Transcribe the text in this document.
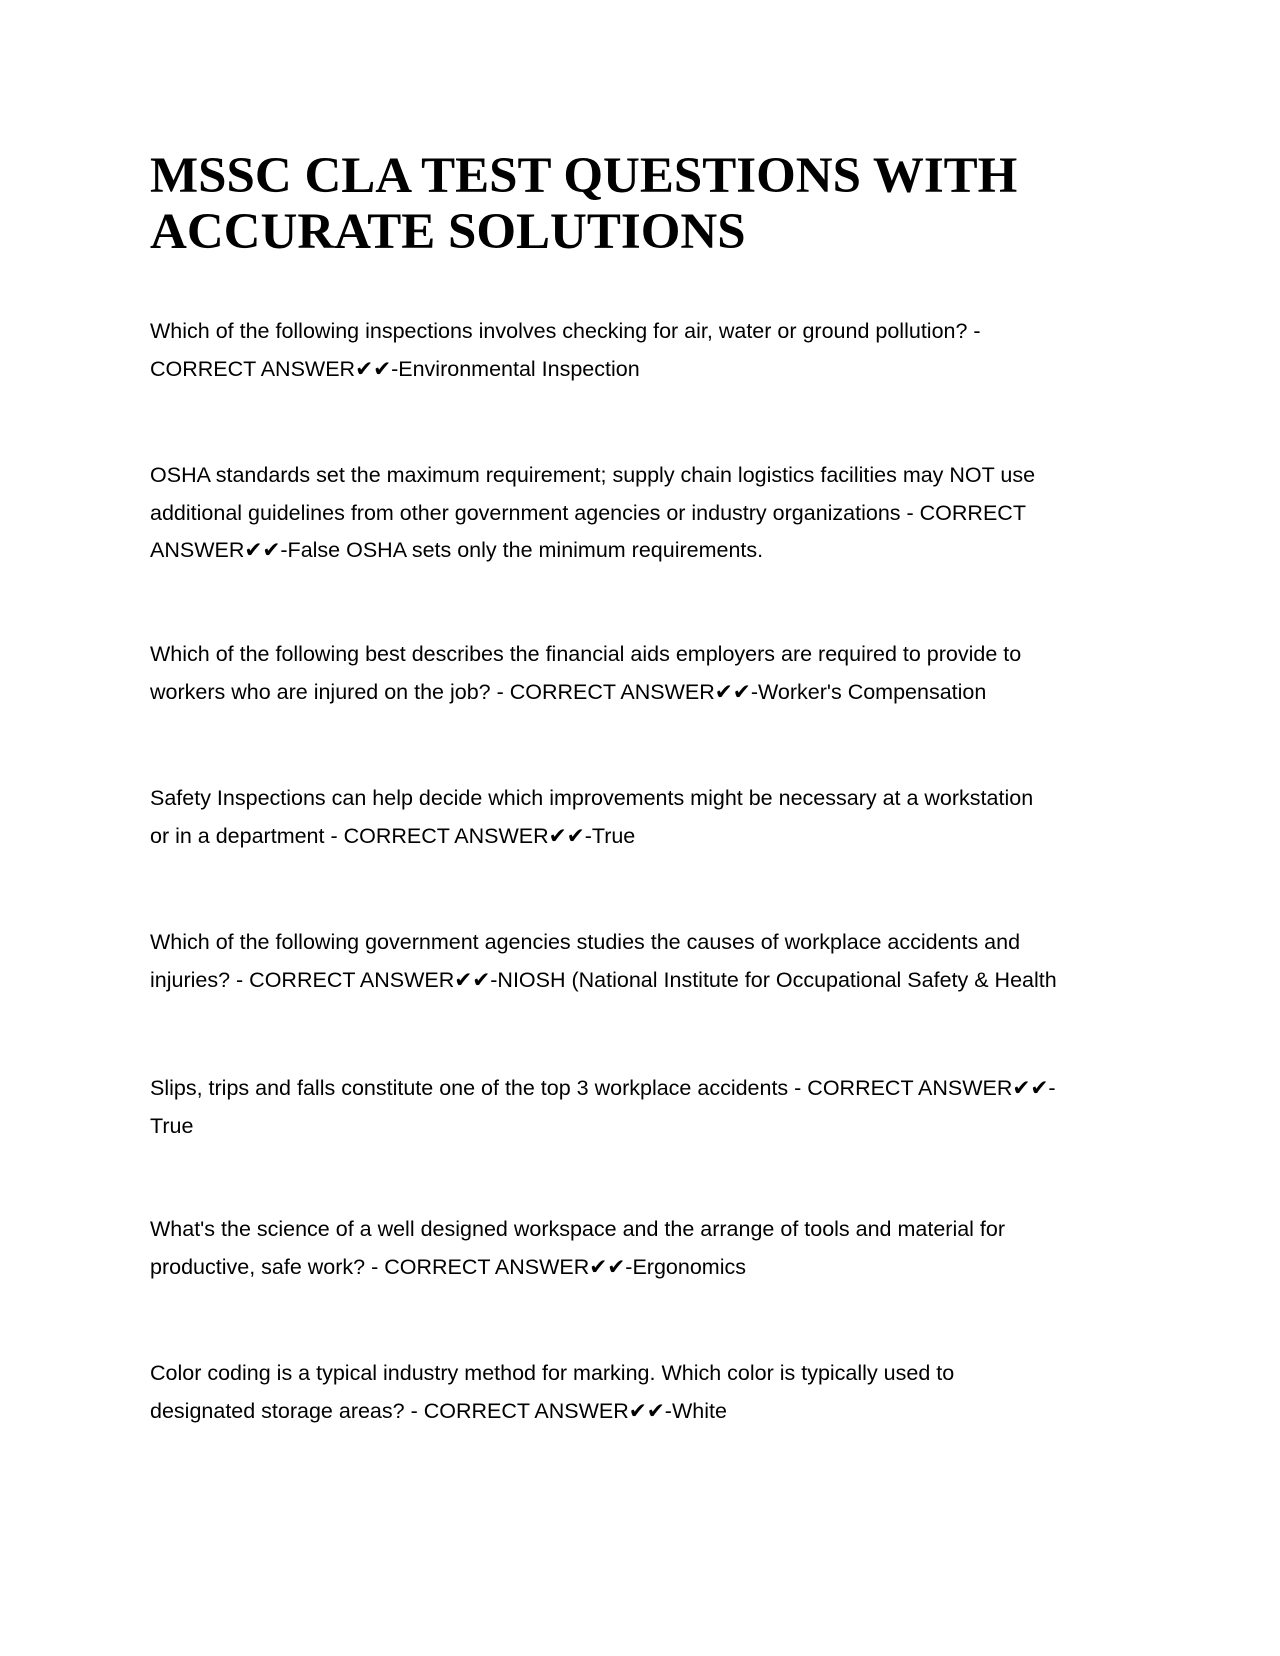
MSSC CLA TEST QUESTIONS WITH
ACCURATE SOLUTIONS

Which of the following inspections involves checking for air, water or ground pollution? -
CORRECT ANSWER✔✔-Environmental Inspection

OSHA standards set the maximum requirement; supply chain logistics facilities may NOT use
additional guidelines from other government agencies or industry organizations - CORRECT
ANSWER✔✔-False OSHA sets only the minimum requirements.

Which of the following best describes the financial aids employers are required to provide to
workers who are injured on the job? - CORRECT ANSWER✔✔-Worker's Compensation

Safety Inspections can help decide which improvements might be necessary at a workstation
or in a department - CORRECT ANSWER✔✔-True

Which of the following government agencies studies the causes of workplace accidents and
injuries? - CORRECT ANSWER✔✔-NIOSH (National Institute for Occupational Safety & Health

Slips, trips and falls constitute one of the top 3 workplace accidents - CORRECT ANSWER✔✔-
True

What's the science of a well designed workspace and the arrange of tools and material for
productive, safe work? - CORRECT ANSWER✔✔-Ergonomics

Color coding is a typical industry method for marking. Which color is typically used to
designated storage areas? - CORRECT ANSWER✔✔-White
